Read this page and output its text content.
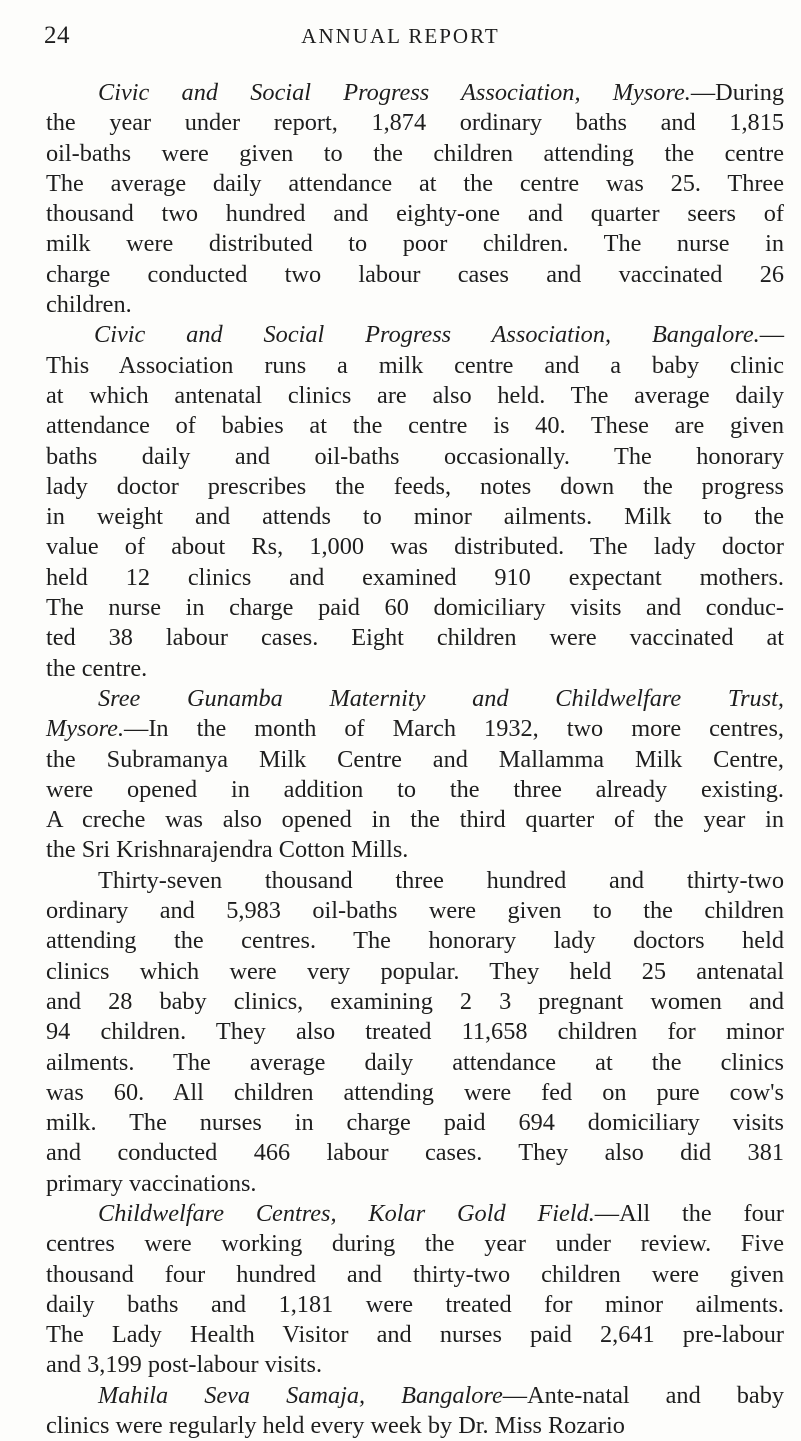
24	ANNUAL REPORT
Civic and Social Progress Association, Mysore.—During
the year under report, 1,874 ordinary baths and 1,815
oil-baths were given to the children attending the centre
The average daily attendance at the centre was 25. Three
thousand two hundred and eighty-one and quarter seers of
milk were distributed to poor children. The nurse in
charge conducted two labour cases and vaccinated 26
children.
Civic and Social Progress Association, Bangalore.—
This Association runs a milk centre and a baby clinic
at which antenatal clinics are also held. The average daily
attendance of babies at the centre is 40. These are given
baths daily and oil-baths occasionally. The honorary
lady doctor prescribes the feeds, notes down the progress
in weight and attends to minor ailments. Milk to the
value of about Rs, 1,000 was distributed. The lady doctor
held 12 clinics and examined 910 expectant mothers.
The nurse in charge paid 60 domiciliary visits and conduc-
ted 38 labour cases. Eight children were vaccinated at
the centre.
Sree Gunamba Maternity and Childwelfare Trust,
Mysore.—In the month of March 1932, two more centres,
the Subramanya Milk Centre and Mallamma Milk Centre,
were opened in addition to the three already existing.
A creche was also opened in the third quarter of the year in
the Sri Krishnarajendra Cotton Mills.
Thirty-seven thousand three hundred and thirty-two
ordinary and 5,983 oil-baths were given to the children
attending the centres. The honorary lady doctors held
clinics which were very popular. They held 25 antenatal
and 28 baby clinics, examining 2 3 pregnant women and
94 children. They also treated 11,658 children for minor
ailments. The average daily attendance at the clinics
was 60. All children attending were fed on pure cow's
milk. The nurses in charge paid 694 domiciliary visits
and conducted 466 labour cases. They also did 381
primary vaccinations.
Childwelfare Centres, Kolar Gold Field.—All the four
centres were working during the year under review. Five
thousand four hundred and thirty-two children were given
daily baths and 1,181 were treated for minor ailments.
The Lady Health Visitor and nurses paid 2,641 pre-labour
and 3,199 post-labour visits.
Mahila Seva Samaja, Bangalore—Ante-natal and baby
clinics were regularly held every week by Dr. Miss Rozario
